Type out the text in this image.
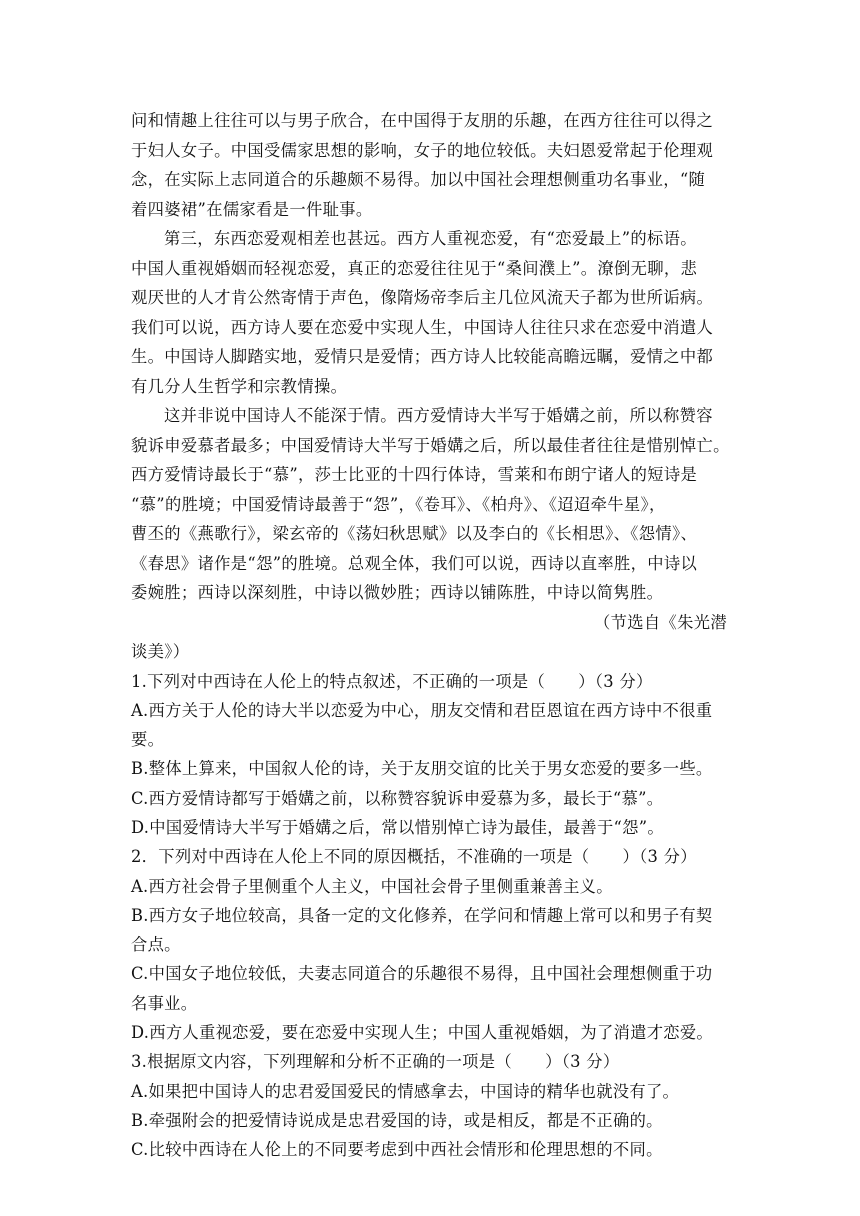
问和情趣上往往可以与男子欣合，在中国得于友朋的乐趣，在西方往往可以得之
于妇人女子。中国受儒家思想的影响，女子的地位较低。夫妇恩爱常起于伦理观
念，在实际上志同道合的乐趣颇不易得。加以中国社会理想侧重功名事业，“随
着四婆裙”在儒家看是一件耻事。
第三，东西恋爱观相差也甚远。西方人重视恋爱，有“恋爱最上”的标语。
中国人重视婚姻而轻视恋爱，真正的恋爱往往见于“桑间濮上”。潦倒无聊，悲
观厌世的人才肯公然寄情于声色，像隋炀帝李后主几位风流天子都为世所诟病。
我们可以说，西方诗人要在恋爱中实现人生，中国诗人往往只求在恋爱中消遣人
生。中国诗人脚踏实地，爱情只是爱情；西方诗人比较能高瞻远瞩，爱情之中都
有几分人生哲学和宗教情操。
这并非说中国诗人不能深于情。西方爱情诗大半写于婚媾之前，所以称赞容
貌诉申爱慕者最多；中国爱情诗大半写于婚媾之后，所以最佳者往往是惜别悼亡。
西方爱情诗最长于“慕”，莎士比亚的十四行体诗，雪莱和布朗宁诸人的短诗是
“慕”的胜境；中国爱情诗最善于“怨”，《卷耳》、《柏舟》、《迢迢牵牛星》，
曹丕的《燕歌行》，梁玄帝的《荡妇秋思赋》以及李白的《长相思》、《怨情》、
《春思》诸作是“怨”的胜境。总观全体，我们可以说，西诗以直率胜，中诗以
委婉胜；西诗以深刻胜，中诗以微妙胜；西诗以铺陈胜，中诗以简隽胜。
（节选自《朱光潜
谈美》）
1.下列对中西诗在人伦上的特点叙述，不正确的一项是（　　）（3 分）
A.西方关于人伦的诗大半以恋爱为中心，朋友交情和君臣恩谊在西方诗中不很重
要。
B.整体上算来，中国叙人伦的诗，关于友朋交谊的比关于男女恋爱的要多一些。
C.西方爱情诗都写于婚媾之前，以称赞容貌诉申爱慕为多，最长于“慕”。
D.中国爱情诗大半写于婚媾之后，常以惜别悼亡诗为最佳，最善于“怨”。
2．下列对中西诗在人伦上不同的原因概括，不准确的一项是（　　）（3 分）
A.西方社会骨子里侧重个人主义，中国社会骨子里侧重兼善主义。
B.西方女子地位较高，具备一定的文化修养，在学问和情趣上常可以和男子有契
合点。
C.中国女子地位较低，夫妻志同道合的乐趣很不易得，且中国社会理想侧重于功
名事业。
D.西方人重视恋爱，要在恋爱中实现人生；中国人重视婚姻，为了消遣才恋爱。
3.根据原文内容，下列理解和分析不正确的一项是（　　）（3 分）
A.如果把中国诗人的忠君爱国爱民的情感拿去，中国诗的精华也就没有了。
B.牵强附会的把爱情诗说成是忠君爱国的诗，或是相反，都是不正确的。
C.比较中西诗在人伦上的不同要考虑到中西社会情形和伦理思想的不同。
